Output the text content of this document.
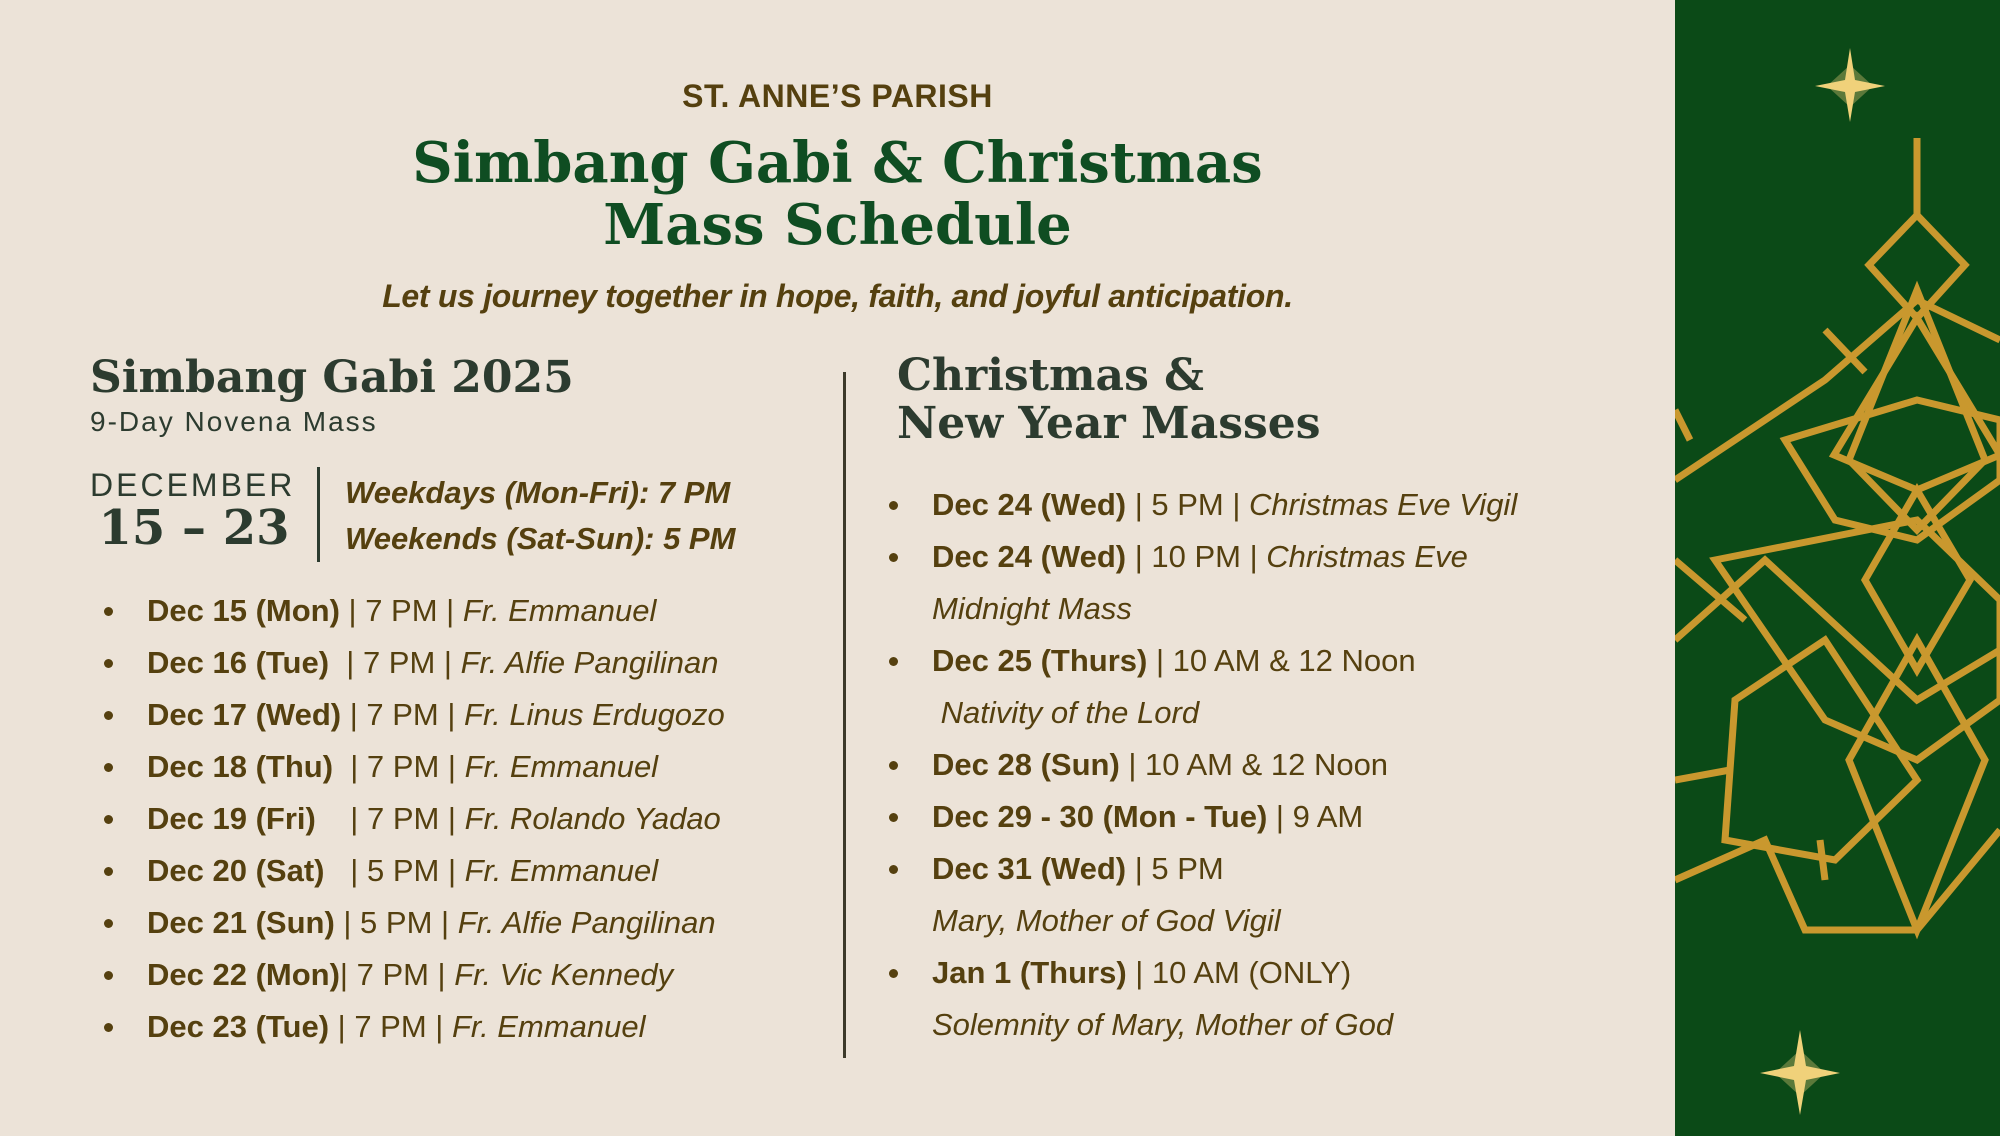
ST. ANNE’S PARISH
Simbang Gabi & Christmas
Mass Schedule
Let us journey together in hope, faith, and joyful anticipation.
Simbang Gabi 2025
9-Day Novena Mass
DECEMBER
15 – 23
Weekdays (Mon-Fri): 7 PM
Weekends (Sat-Sun): 5 PM
Dec 15 (Mon) | 7 PM | Fr. Emmanuel
Dec 16 (Tue)  | 7 PM | Fr. Alfie Pangilinan
Dec 17 (Wed) | 7 PM | Fr. Linus Erdugozo
Dec 18 (Thu)  | 7 PM | Fr. Emmanuel
Dec 19 (Fri)    | 7 PM | Fr. Rolando Yadao
Dec 20 (Sat)   | 5 PM | Fr. Emmanuel
Dec 21 (Sun) | 5 PM | Fr. Alfie Pangilinan
Dec 22 (Mon)| 7 PM | Fr. Vic Kennedy
Dec 23 (Tue) | 7 PM | Fr. Emmanuel
Christmas &
New Year Masses
Dec 24 (Wed) | 5 PM | Christmas Eve Vigil
Dec 24 (Wed) | 10 PM | Christmas Eve
Midnight Mass
Dec 25 (Thurs) | 10 AM & 12 Noon
Nativity of the Lord
Dec 28 (Sun) | 10 AM & 12 Noon
Dec 29 - 30 (Mon - Tue) | 9 AM
Dec 31 (Wed) | 5 PM
Mary, Mother of God Vigil
Jan 1 (Thurs) | 10 AM (ONLY)
Solemnity of Mary, Mother of God
